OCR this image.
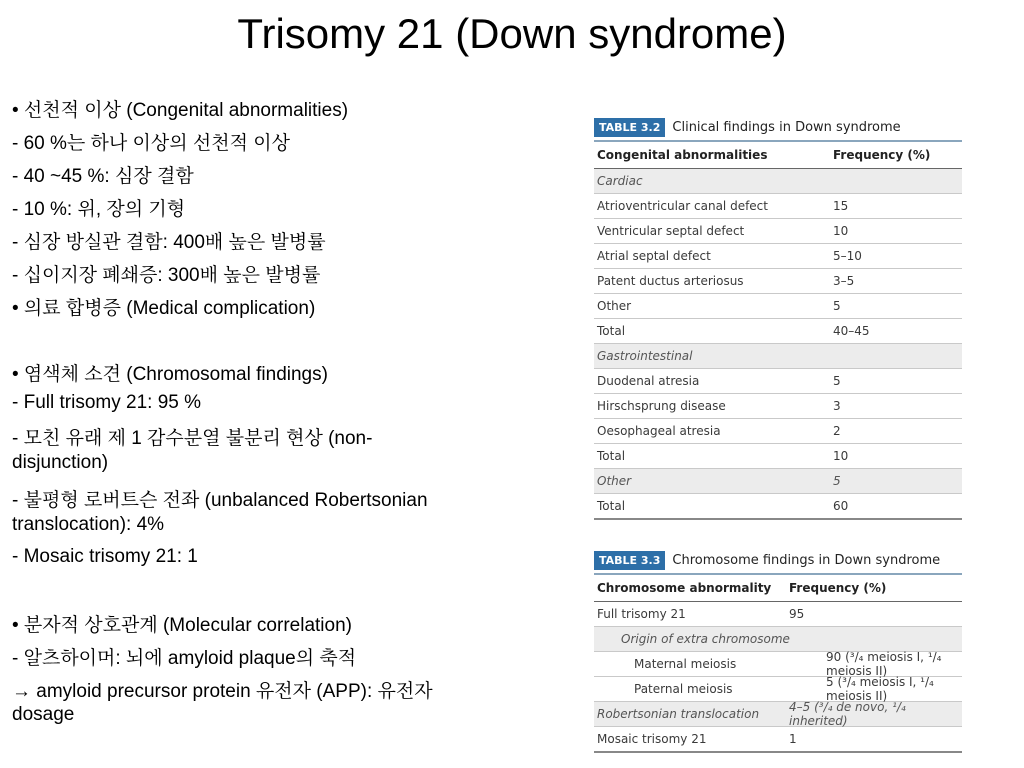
Trisomy 21 (Down syndrome)
• 선천적 이상 (Congenital abnormalities)
- 60 %는 하나 이상의 선천적 이상
- 40 ~45 %: 심장 결함
- 10 %: 위, 장의 기형
- 심장 방실관 결함: 400배 높은 발병률
- 십이지장 폐쇄증: 300배 높은 발병률
• 의료 합병증 (Medical complication)
• 염색체 소견 (Chromosomal findings)
- Full trisomy 21: 95 %
- 모친 유래 제 1 감수분열 불분리 현상 (non-
disjunction)
- 불평형 로버트슨 전좌 (unbalanced Robertsonian
translocation): 4%
- Mosaic trisomy 21: 1
• 분자적 상호관계 (Molecular correlation)
- 알츠하이머: 뇌에 amyloid plaque의 축적
→ amyloid precursor protein 유전자 (APP): 유전자
dosage
TABLE 3.2 Clinical findings in Down syndrome
Congenital abnormalities	Frequency (%)
Cardiac
Atrioventricular canal defect	15
Ventricular septal defect	10
Atrial septal defect	5–10
Patent ductus arteriosus	3–5
Other	5
Total	40–45
Gastrointestinal
Duodenal atresia	5
Hirschsprung disease	3
Oesophageal atresia	2
Total	10
Other	5
Total	60
TABLE 3.3 Chromosome findings in Down syndrome
Chromosome abnormality	Frequency (%)
Full trisomy 21	95
Origin of extra chromosome
Maternal meiosis	90 (³/₄ meiosis I, ¹/₄ meiosis II)
Paternal meiosis	5 (³/₄ meiosis I, ¹/₄ meiosis II)
Robertsonian translocation	4–5 (³/₄ de novo, ¹/₄ inherited)
Mosaic trisomy 21	1
